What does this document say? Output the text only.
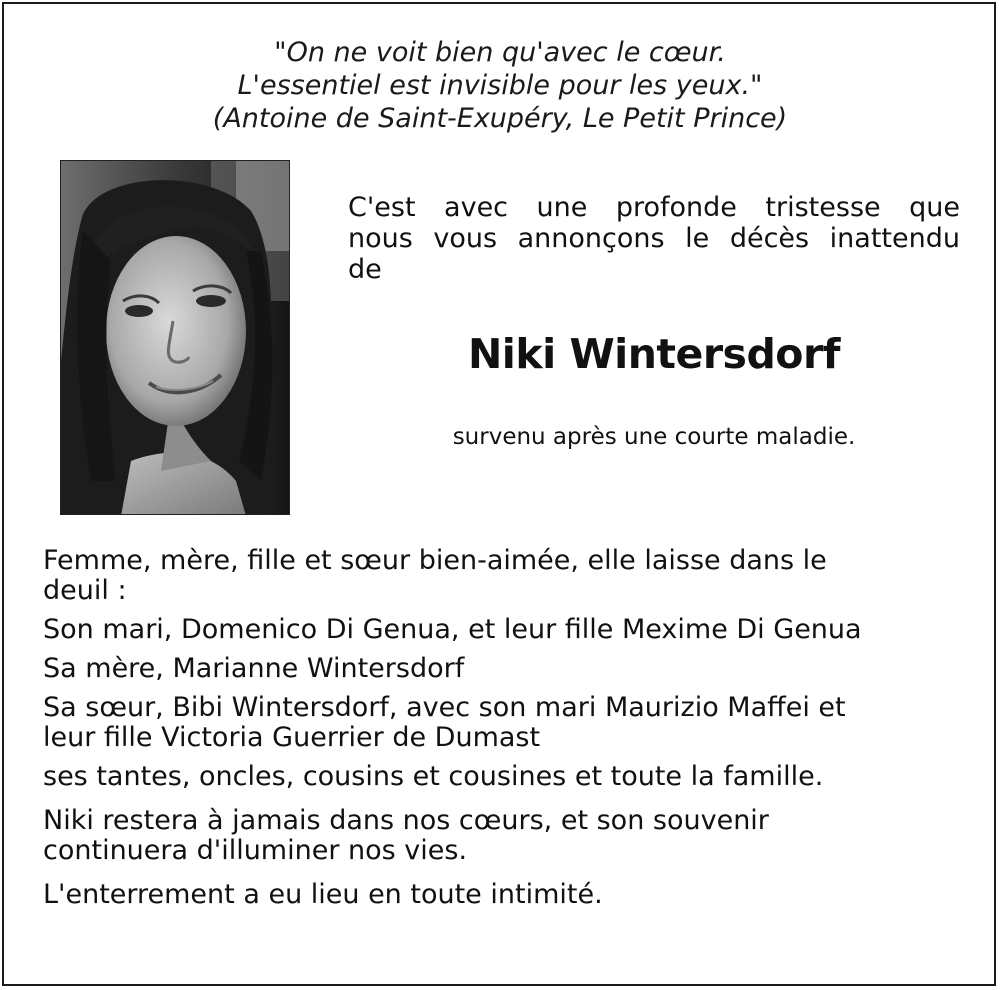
"On ne voit bien qu'avec le cœur.
L'essentiel est invisible pour les yeux."
(Antoine de Saint-Exupéry, Le Petit Prince)
C'est avec une profonde tristesse que
nous vous annonçons le décès inattendu
de
Niki Wintersdorf
survenu après une courte maladie.

Femme, mère, fille et sœur bien-aimée, elle laisse dans le
deuil :

Son mari, Domenico Di Genua, et leur fille Mexime Di Genua

Sa mère, Marianne Wintersdorf

Sa sœur, Bibi Wintersdorf, avec son mari Maurizio Maffei et
leur fille Victoria Guerrier de Dumast

ses tantes, oncles, cousins et cousines et toute la famille.

Niki restera à jamais dans nos cœurs, et son souvenir
continuera d'illuminer nos vies.

L'enterrement a eu lieu en toute intimité.
